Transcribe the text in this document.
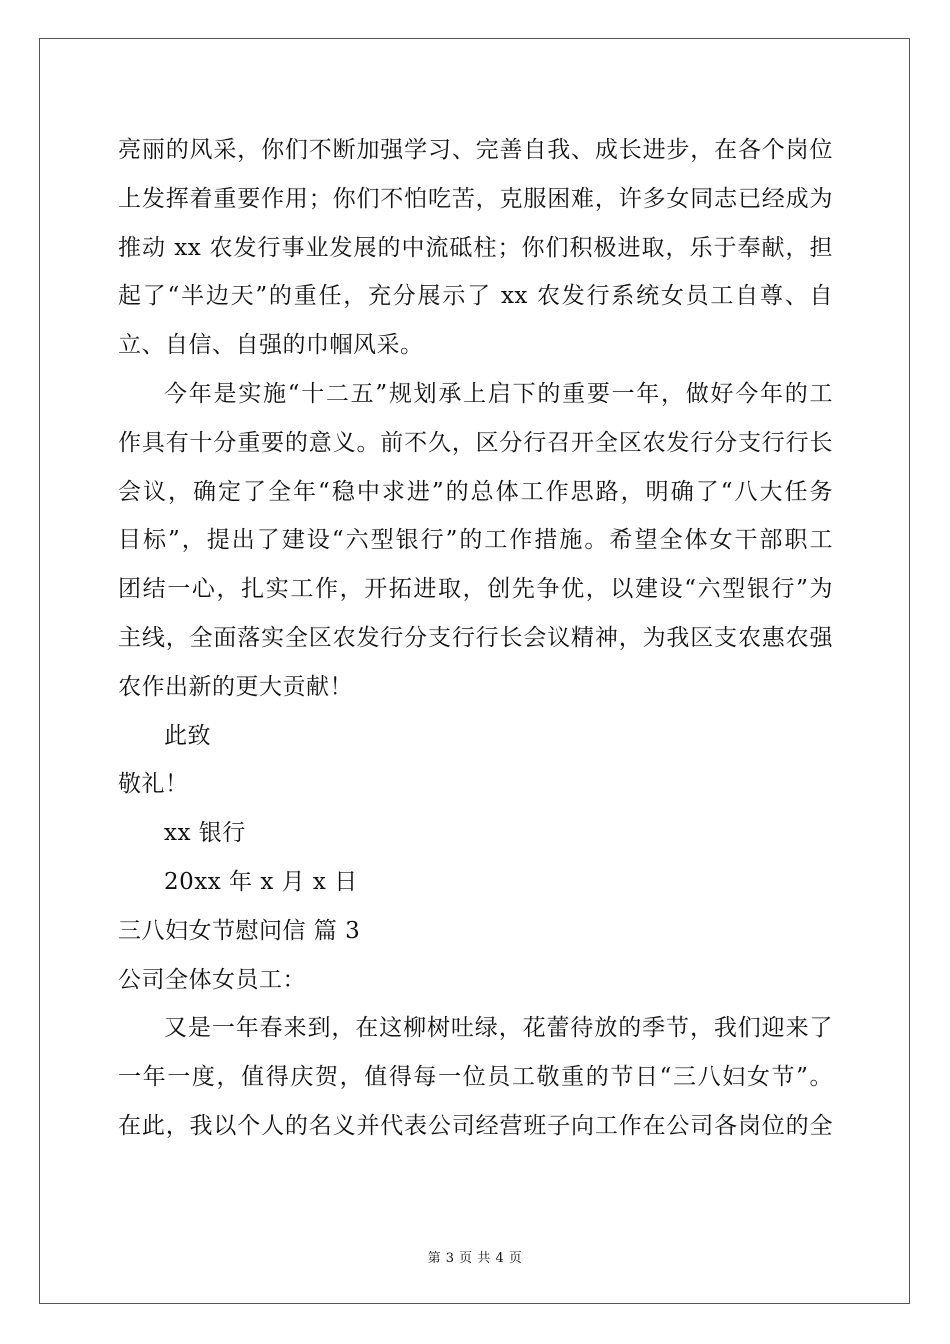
亮丽的风采，你们不断加强学习、完善自我、成长进步，在各个岗位
上发挥着重要作用；你们不怕吃苦，克服困难，许多女同志已经成为
推动 xx 农发行事业发展的中流砥柱；你们积极进取，乐于奉献，担
起了“半边天”的重任，充分展示了 xx 农发行系统女员工自尊、自
立、自信、自强的巾帼风采。
今年是实施“十二五”规划承上启下的重要一年，做好今年的工
作具有十分重要的意义。前不久，区分行召开全区农发行分支行行长
会议，确定了全年“稳中求进”的总体工作思路，明确了“八大任务
目标”，提出了建设“六型银行”的工作措施。希望全体女干部职工
团结一心，扎实工作，开拓进取，创先争优，以建设“六型银行”为
主线，全面落实全区农发行分支行行长会议精神，为我区支农惠农强
农作出新的更大贡献！
此致
敬礼！
xx 银行
20xx 年 x 月 x 日
三八妇女节慰问信 篇 3
公司全体女员工：
又是一年春来到，在这柳树吐绿，花蕾待放的季节，我们迎来了
一年一度，值得庆贺，值得每一位员工敬重的节日“三八妇女节”。
在此，我以个人的名义并代表公司经营班子向工作在公司各岗位的全
第 3 页 共 4 页
